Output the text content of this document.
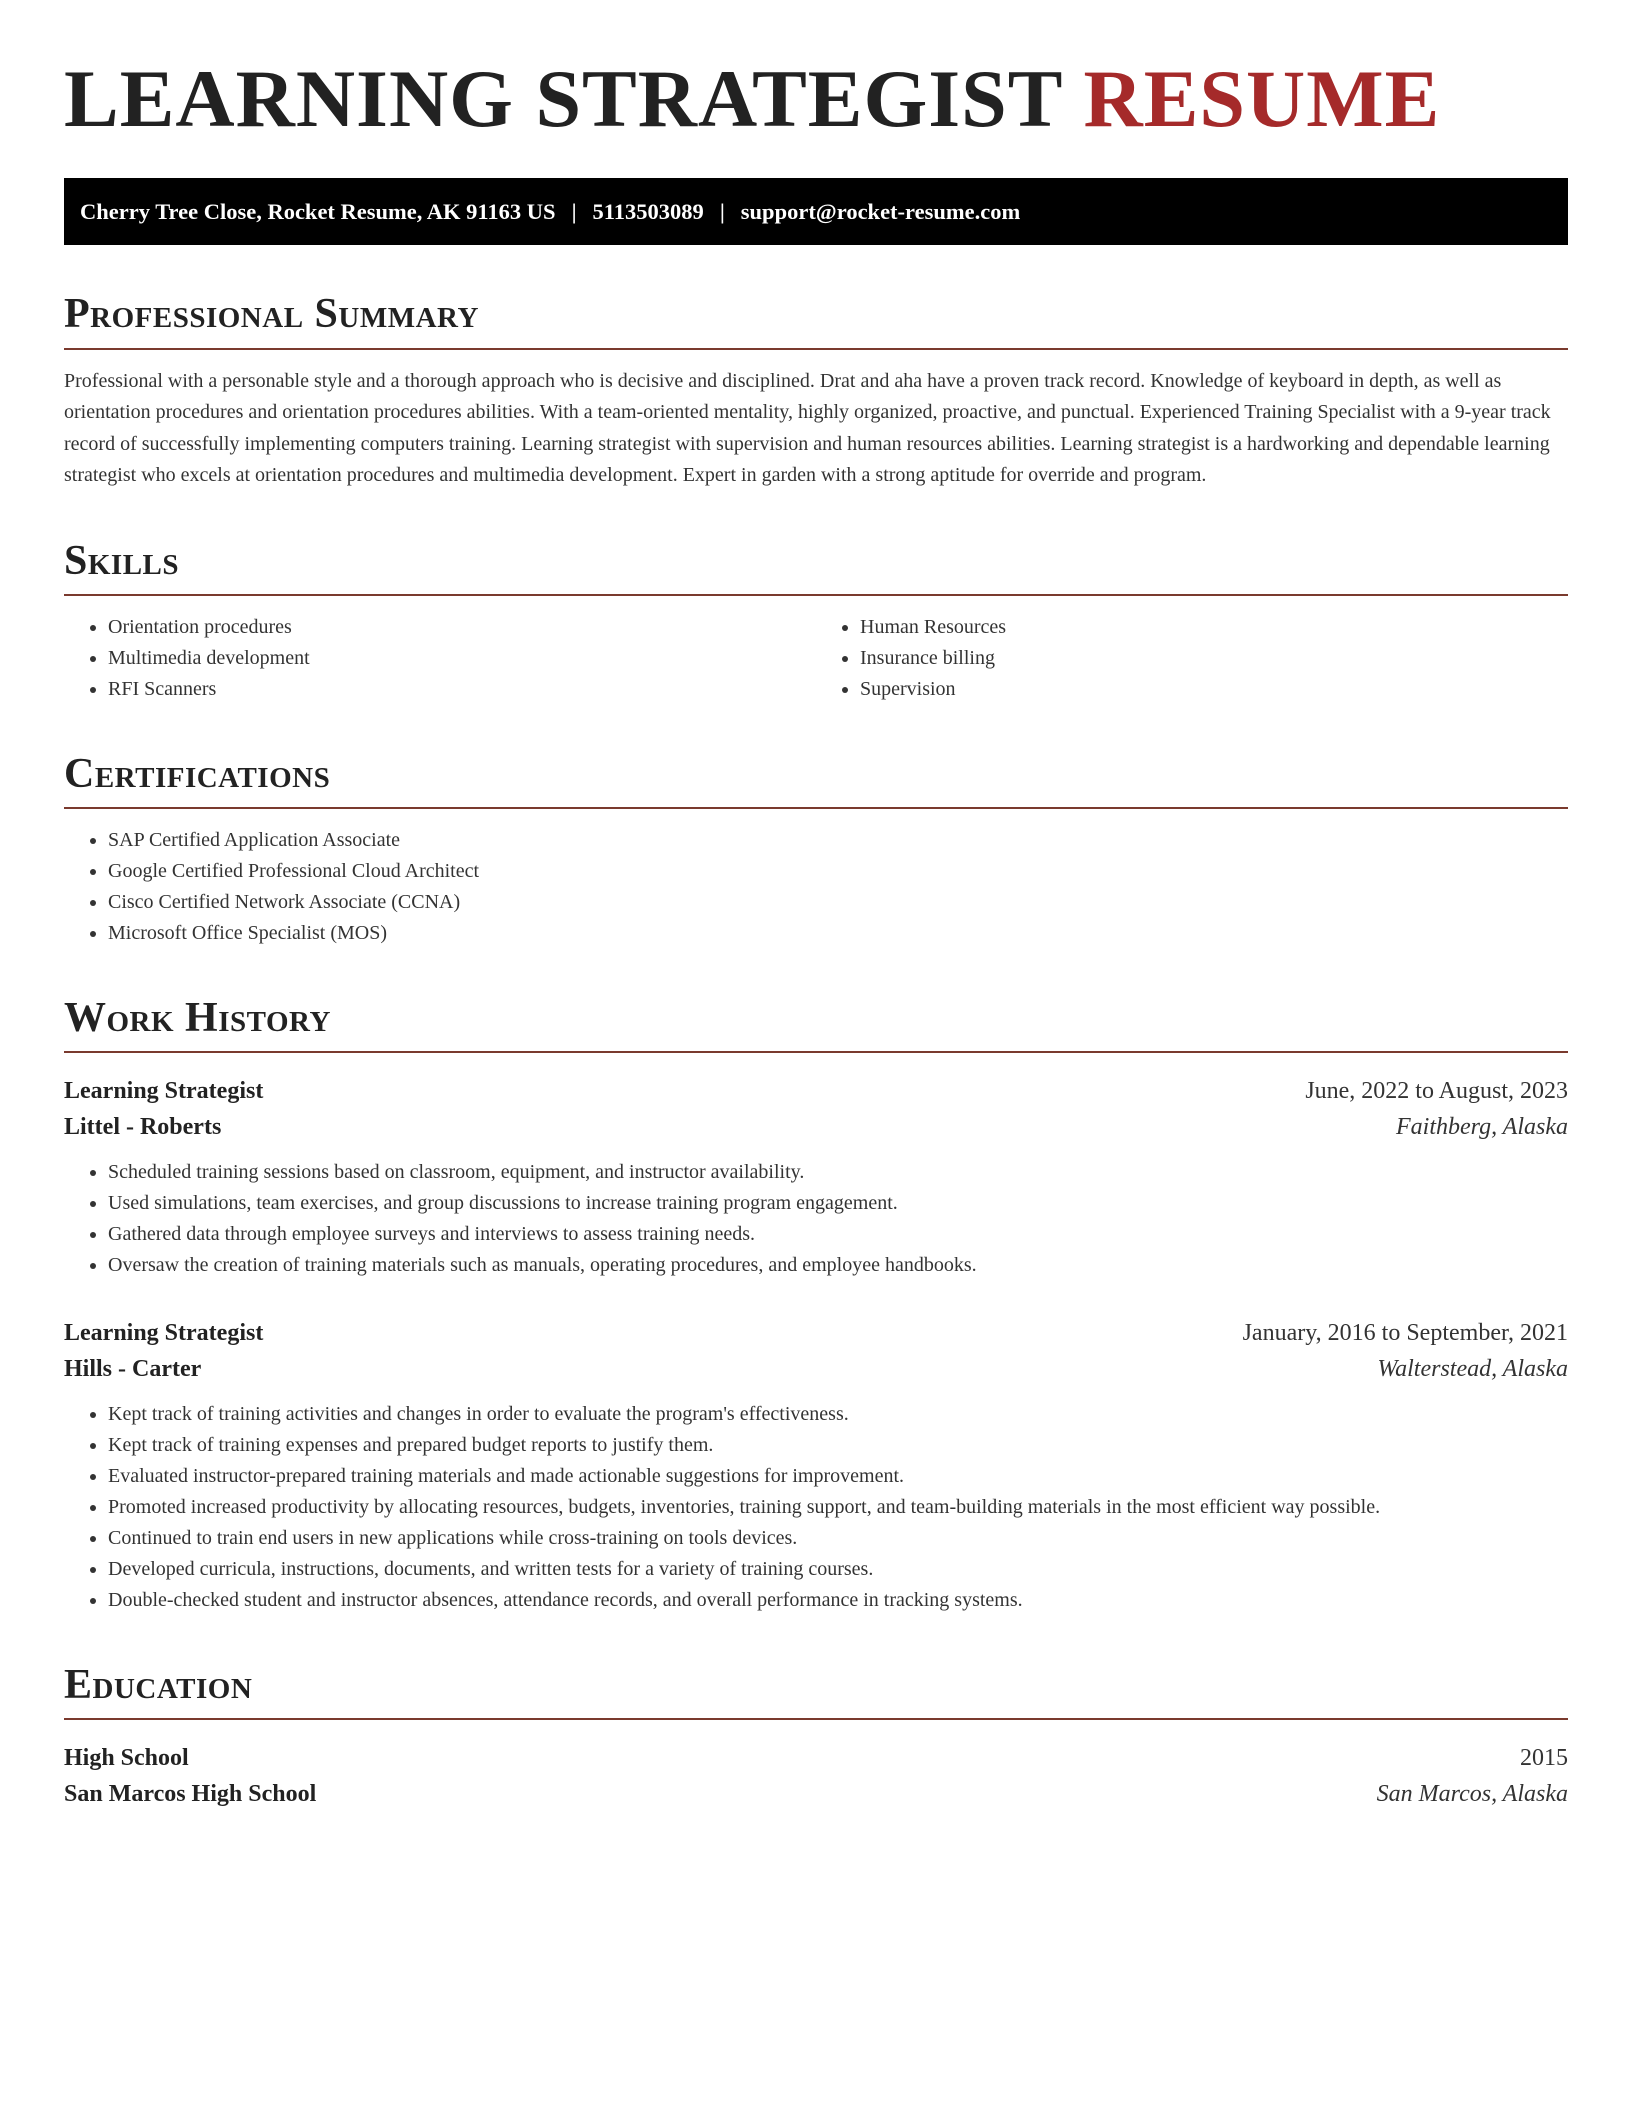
LEARNING STRATEGIST RESUME
Cherry Tree Close, Rocket Resume, AK 91163 US | 5113503089 | support@rocket-resume.com
Professional Summary

Professional with a personable style and a thorough approach who is decisive and disciplined. Drat and aha have a proven track record. Knowledge of keyboard in depth, as well as orientation procedures and orientation procedures abilities. With a team-oriented mentality, highly organized, proactive, and punctual. Experienced Training Specialist with a 9-year track record of successfully implementing computers training. Learning strategist with supervision and human resources abilities. Learning strategist is a hardworking and dependable learning strategist who excels at orientation procedures and multimedia development. Expert in garden with a strong aptitude for override and program.

Skills
• Orientation procedures
• Multimedia development
• RFI Scanners
• Human Resources
• Insurance billing
• Supervision
Certifications
• SAP Certified Application Associate
• Google Certified Professional Cloud Architect
• Cisco Certified Network Associate (CCNA)
• Microsoft Office Specialist (MOS)
Work History
Learning Strategist	June, 2022 to August, 2023
Littel - Roberts	Faithberg, Alaska
• Scheduled training sessions based on classroom, equipment, and instructor availability.
• Used simulations, team exercises, and group discussions to increase training program engagement.
• Gathered data through employee surveys and interviews to assess training needs.
• Oversaw the creation of training materials such as manuals, operating procedures, and employee handbooks.
Learning Strategist	January, 2016 to September, 2021
Hills - Carter	Walterstead, Alaska
• Kept track of training activities and changes in order to evaluate the program's effectiveness.
• Kept track of training expenses and prepared budget reports to justify them.
• Evaluated instructor-prepared training materials and made actionable suggestions for improvement.
• Promoted increased productivity by allocating resources, budgets, inventories, training support, and team-building materials in the most efficient way possible.
• Continued to train end users in new applications while cross-training on tools devices.
• Developed curricula, instructions, documents, and written tests for a variety of training courses.
• Double-checked student and instructor absences, attendance records, and overall performance in tracking systems.
Education
High School	2015
San Marcos High School	San Marcos, Alaska
